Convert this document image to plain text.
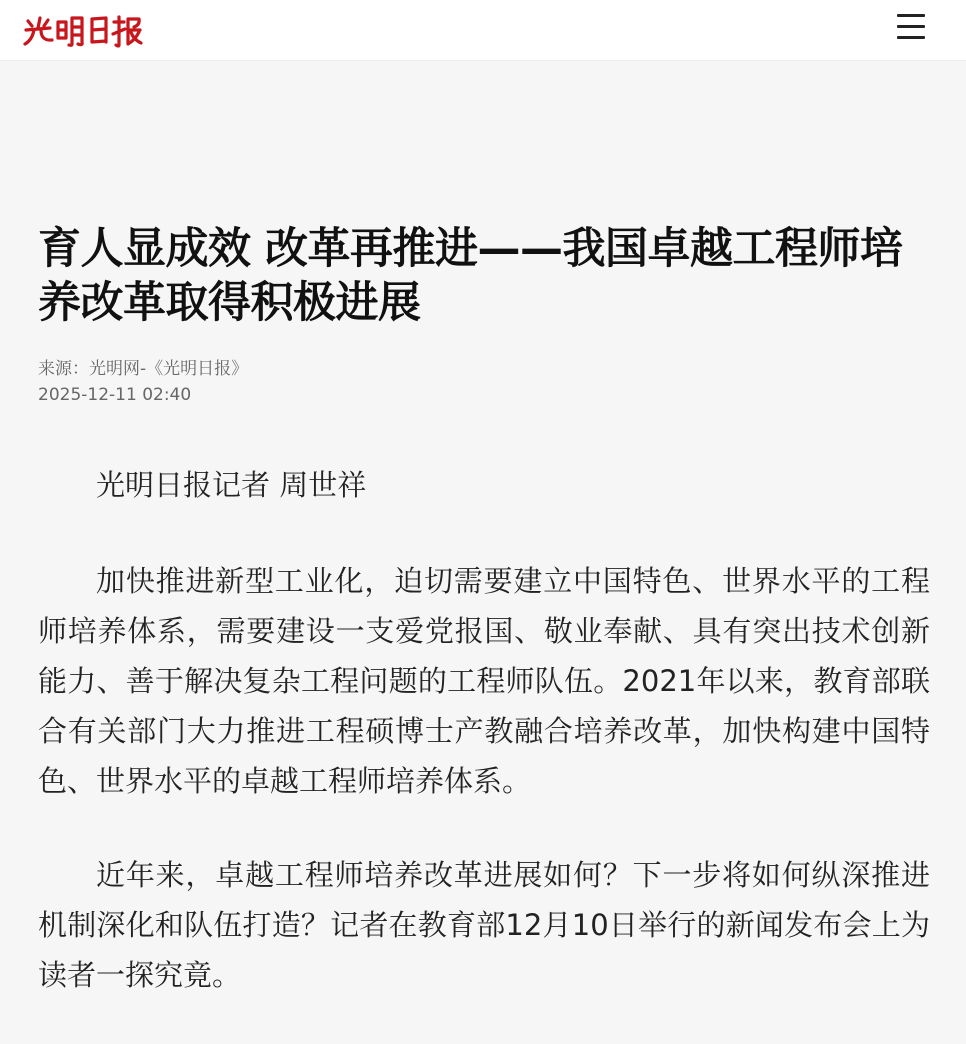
育人显成效 改革再推进——我国卓越工程师培养改革取得积极进展
来源：光明网-《光明日报》
2025-12-11 02:40

光明日报记者 周世祥

加快推进新型工业化，迫切需要建立中国特色、世界水平的工程师培养体系，需要建设一支爱党报国、敬业奉献、具有突出技术创新能力、善于解决复杂工程问题的工程师队伍。2021年以来，教育部联合有关部门大力推进工程硕博士产教融合培养改革，加快构建中国特色、世界水平的卓越工程师培养体系。

近年来，卓越工程师培养改革进展如何？下一步将如何纵深推进机制深化和队伍打造？记者在教育部12月10日举行的新闻发布会上为读者一探究竟。
